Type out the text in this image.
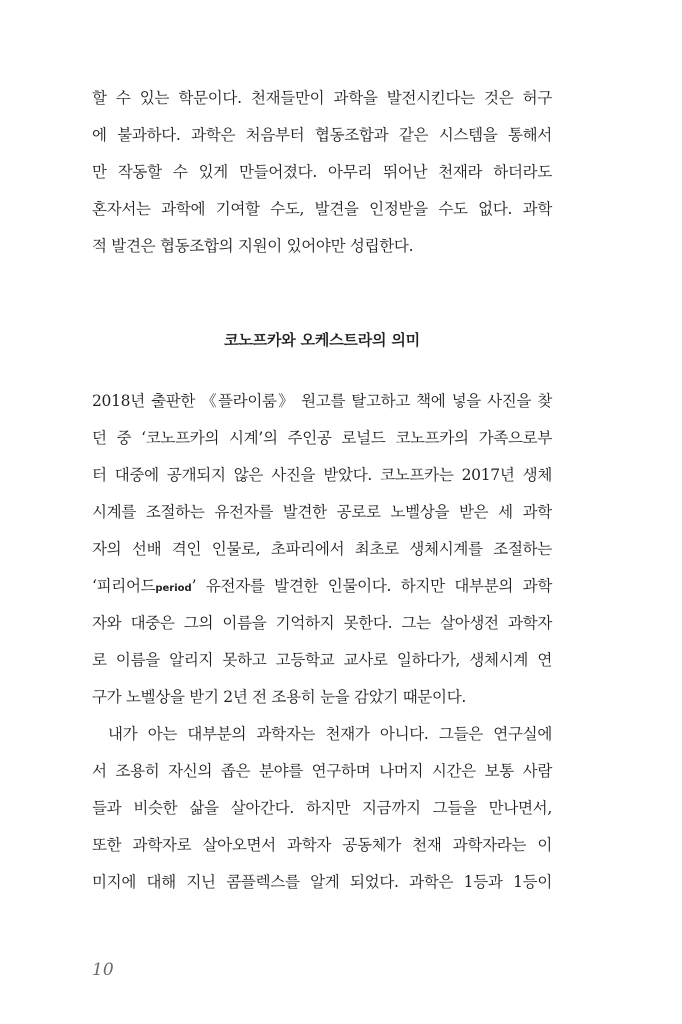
할 수 있는 학문이다. 천재들만이 과학을 발전시킨다는 것은 허구
에 불과하다. 과학은 처음부터 협동조합과 같은 시스템을 통해서
만 작동할 수 있게 만들어졌다. 아무리 뛰어난 천재라 하더라도
혼자서는 과학에 기여할 수도, 발견을 인정받을 수도 없다. 과학
적 발견은 협동조합의 지원이 있어야만 성립한다.
코노프카와 오케스트라의 의미
2018년 출판한 《플라이룸》 원고를 탈고하고 책에 넣을 사진을 찾
던 중 ‘코노프카의 시계’의 주인공 로널드 코노프카의 가족으로부
터 대중에 공개되지 않은 사진을 받았다. 코노프카는 2017년 생체
시계를 조절하는 유전자를 발견한 공로로 노벨상을 받은 세 과학
자의 선배 격인 인물로, 초파리에서 최초로 생체시계를 조절하는
‘피리어드period’ 유전자를 발견한 인물이다. 하지만 대부분의 과학
자와 대중은 그의 이름을 기억하지 못한다. 그는 살아생전 과학자
로 이름을 알리지 못하고 고등학교 교사로 일하다가, 생체시계 연
구가 노벨상을 받기 2년 전 조용히 눈을 감았기 때문이다.
내가 아는 대부분의 과학자는 천재가 아니다. 그들은 연구실에
서 조용히 자신의 좁은 분야를 연구하며 나머지 시간은 보통 사람
들과 비슷한 삶을 살아간다. 하지만 지금까지 그들을 만나면서,
또한 과학자로 살아오면서 과학자 공동체가 천재 과학자라는 이
미지에 대해 지닌 콤플렉스를 알게 되었다. 과학은 1등과 1등이
10
